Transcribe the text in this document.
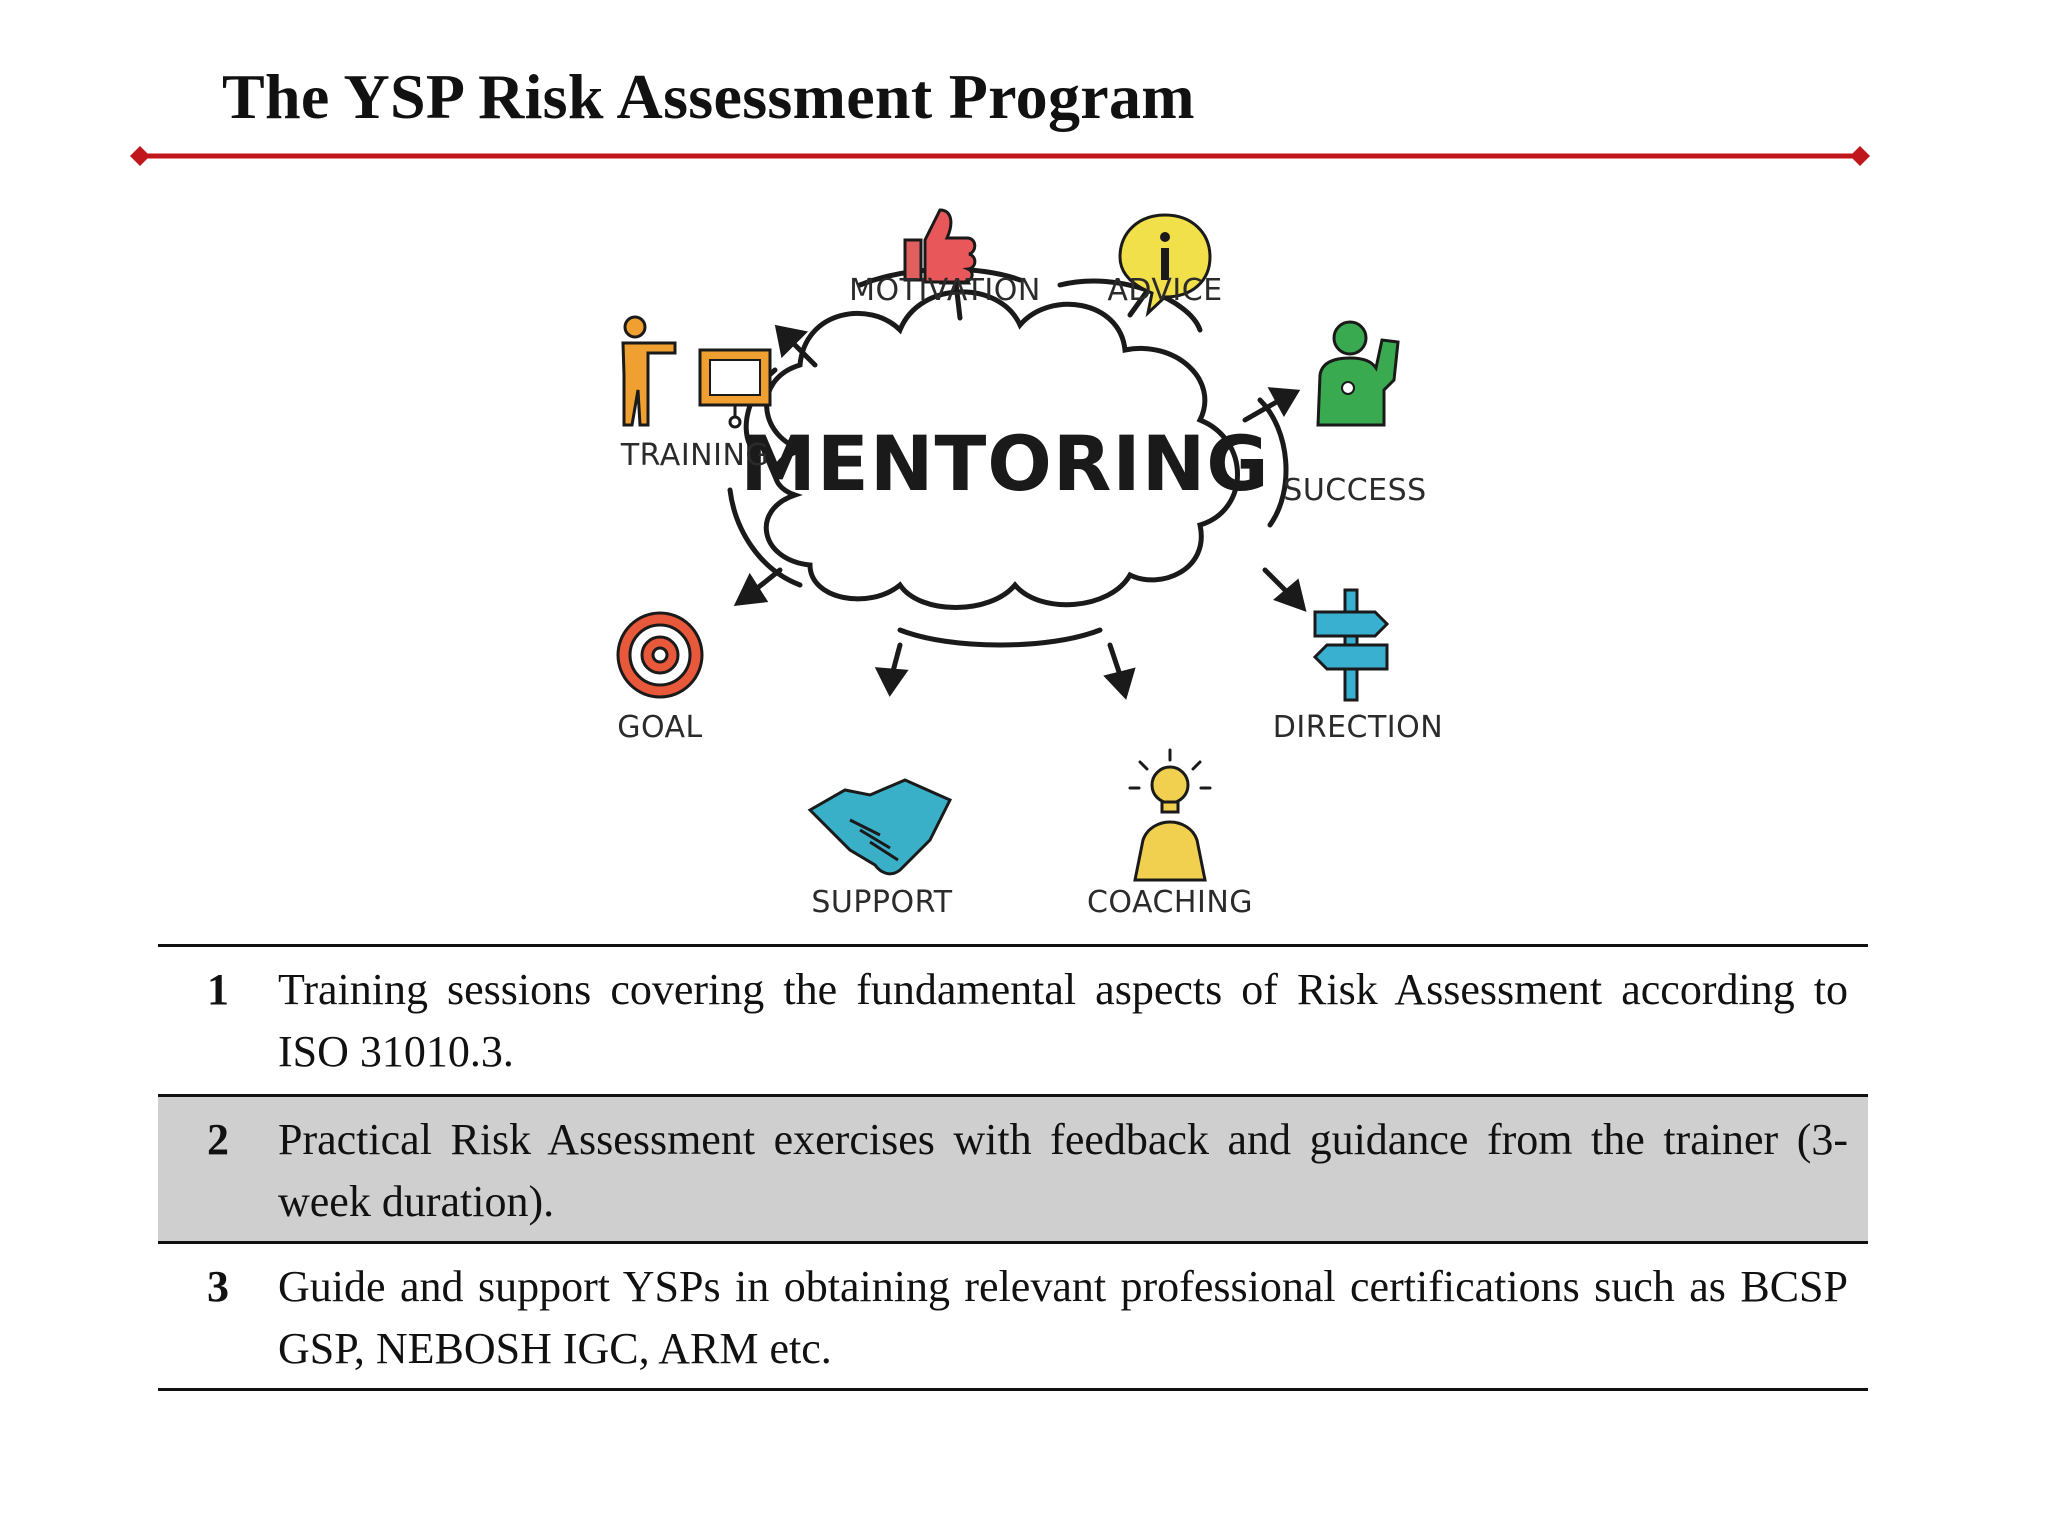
The YSP Risk Assessment Program
MENTORING
MOTIVATION ADVICE
TRAINING
SUCCESS
GOAL	DIRECTION
SUPPORT	COACHING
1	Training sessions covering the fundamental aspects of Risk Assessment according to ISO 31010.3.
2	Practical Risk Assessment exercises with feedback and guidance from the trainer (3-week duration).
3	Guide and support YSPs in obtaining relevant professional certifications such as BCSP GSP, NEBOSH IGC, ARM etc.
